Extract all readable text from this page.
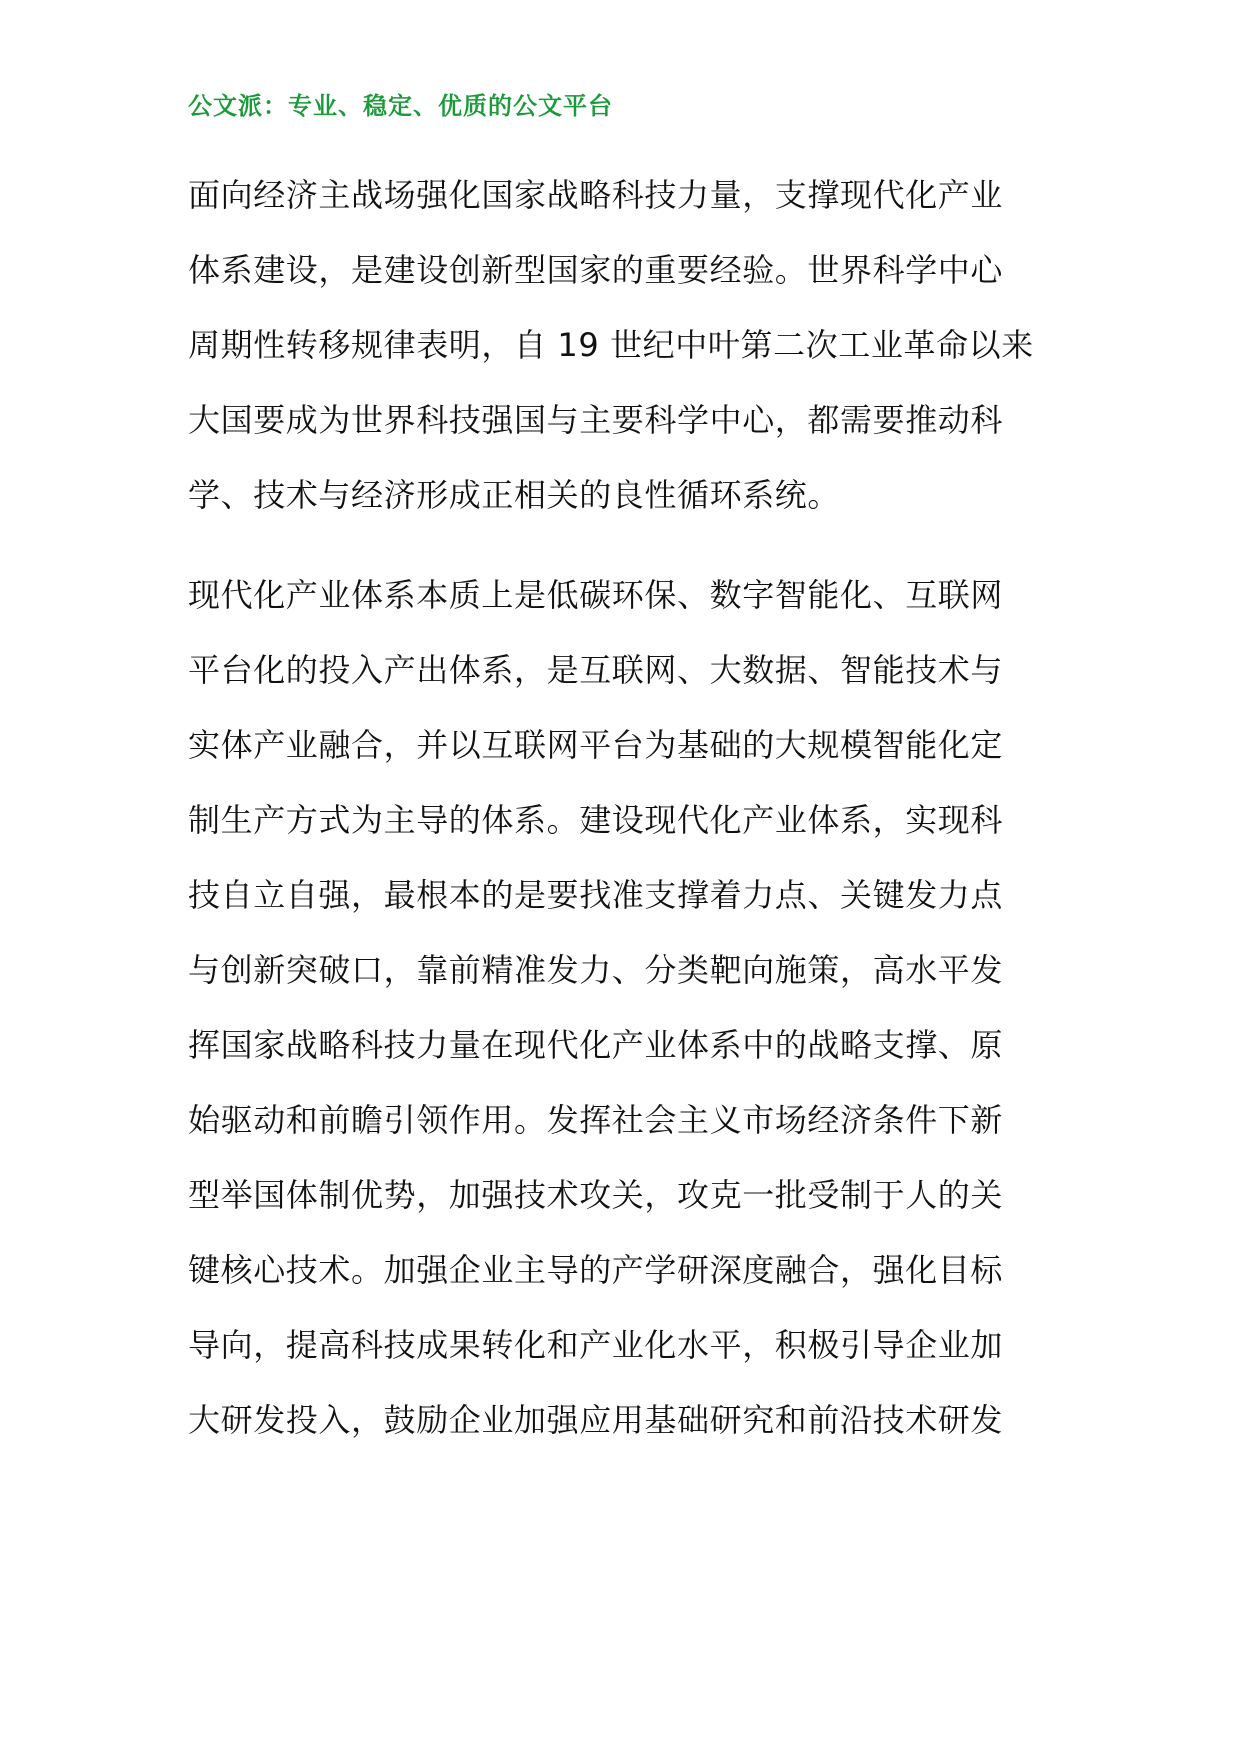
公文派：专业、稳定、优质的公文平台
面向经济主战场强化国家战略科技力量，支撑现代化产业
体系建设，是建设创新型国家的重要经验。世界科学中心
周期性转移规律表明，自 19 世纪中叶第二次工业革命以来
大国要成为世界科技强国与主要科学中心，都需要推动科
学、技术与经济形成正相关的良性循环系统。
现代化产业体系本质上是低碳环保、数字智能化、互联网
平台化的投入产出体系，是互联网、大数据、智能技术与
实体产业融合，并以互联网平台为基础的大规模智能化定
制生产方式为主导的体系。建设现代化产业体系，实现科
技自立自强，最根本的是要找准支撑着力点、关键发力点
与创新突破口，靠前精准发力、分类靶向施策，高水平发
挥国家战略科技力量在现代化产业体系中的战略支撑、原
始驱动和前瞻引领作用。发挥社会主义市场经济条件下新
型举国体制优势，加强技术攻关，攻克一批受制于人的关
键核心技术。加强企业主导的产学研深度融合，强化目标
导向，提高科技成果转化和产业化水平，积极引导企业加
大研发投入，鼓励企业加强应用基础研究和前沿技术研发
